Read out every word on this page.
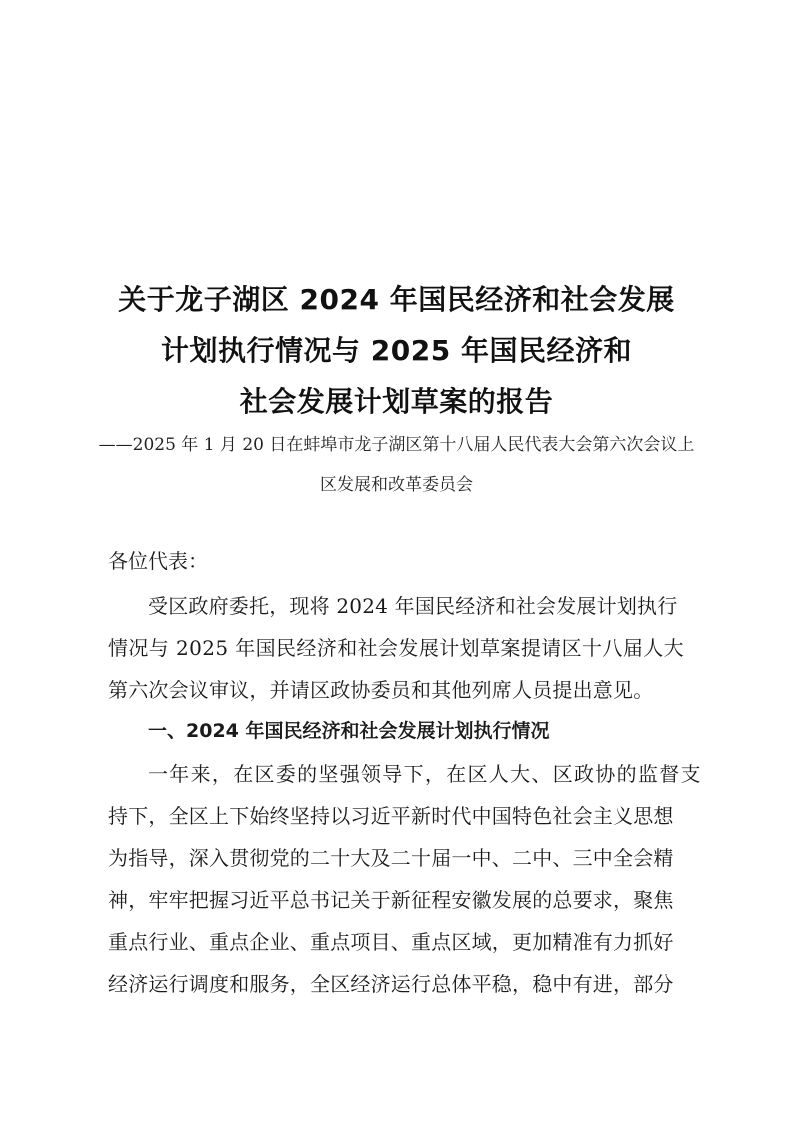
关于龙子湖区 2024 年国民经济和社会发展
计划执行情况与 2025 年国民经济和
社会发展计划草案的报告
——2025 年 1 月 20 日在蚌埠市龙子湖区第十八届人民代表大会第六次会议上
区发展和改革委员会
各位代表：
受区政府委托，现将 2024 年国民经济和社会发展计划执行
情况与 2025 年国民经济和社会发展计划草案提请区十八届人大
第六次会议审议，并请区政协委员和其他列席人员提出意见。
一、2024 年国民经济和社会发展计划执行情况
一年来，在区委的坚强领导下，在区人大、区政协的监督支
持下，全区上下始终坚持以习近平新时代中国特色社会主义思想
为指导，深入贯彻党的二十大及二十届一中、二中、三中全会精
神，牢牢把握习近平总书记关于新征程安徽发展的总要求，聚焦
重点行业、重点企业、重点项目、重点区域，更加精准有力抓好
经济运行调度和服务，全区经济运行总体平稳，稳中有进，部分
